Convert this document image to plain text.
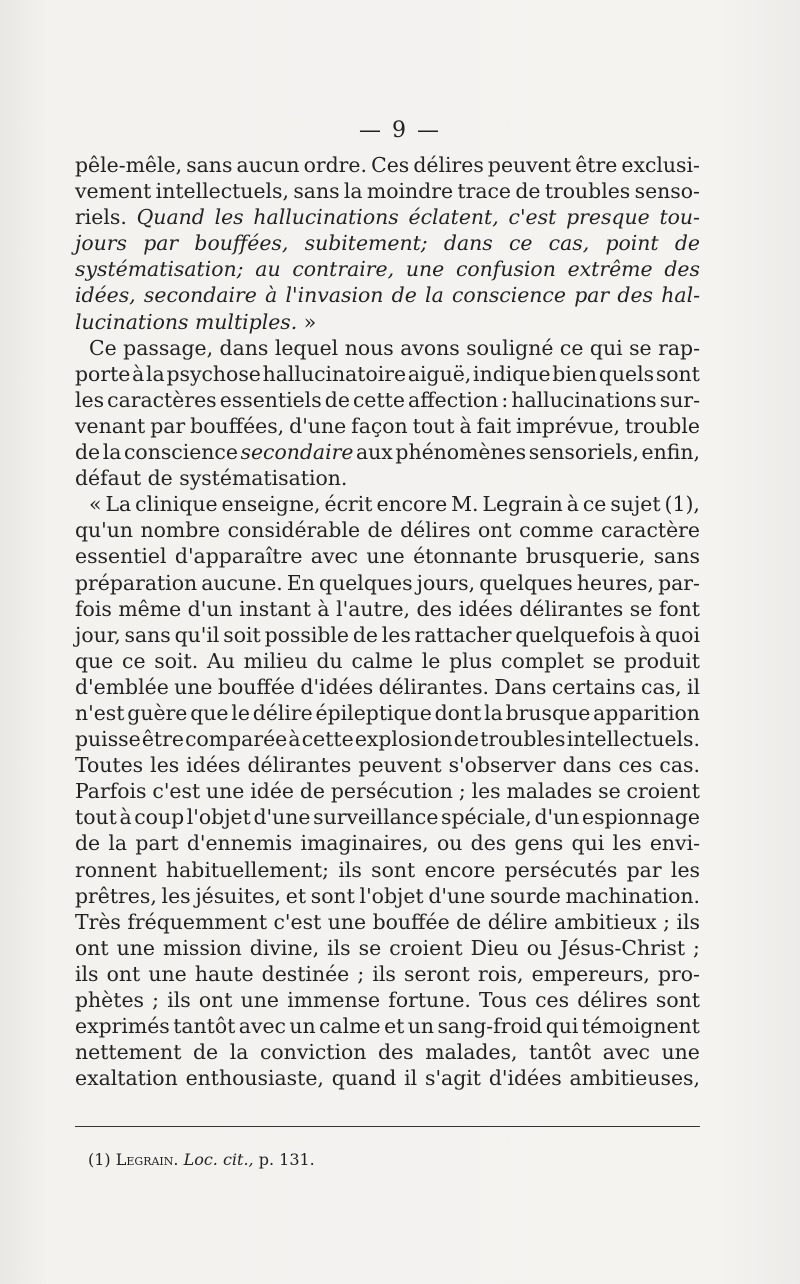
— 9 —
pêle-mêle, sans aucun ordre. Ces délires peuvent être exclusi-
vement intellectuels, sans la moindre trace de troubles senso-
riels. Quand les hallucinations éclatent, c'est presque tou-
jours par bouffées, subitement; dans ce cas, point de
systématisation; au contraire, une confusion extrême des
idées, secondaire à l'invasion de la conscience par des hal-
lucinations multiples. »
Ce passage, dans lequel nous avons souligné ce qui se rap-
porte à la psychose hallucinatoire aiguë, indique bien quels sont
les caractères essentiels de cette affection : hallucinations sur-
venant par bouffées, d'une façon tout à fait imprévue, trouble
de la conscience secondaire aux phénomènes sensoriels, enfin,
défaut de systématisation.
« La clinique enseigne, écrit encore M. Legrain à ce sujet (1),
qu'un nombre considérable de délires ont comme caractère
essentiel d'apparaître avec une étonnante brusquerie, sans
préparation aucune. En quelques jours, quelques heures, par-
fois même d'un instant à l'autre, des idées délirantes se font
jour, sans qu'il soit possible de les rattacher quelquefois à quoi
que ce soit. Au milieu du calme le plus complet se produit
d'emblée une bouffée d'idées délirantes. Dans certains cas, il
n'est guère que le délire épileptique dont la brusque apparition
puisse être comparée à cette explosion de troubles intellectuels.
Toutes les idées délirantes peuvent s'observer dans ces cas.
Parfois c'est une idée de persécution ; les malades se croient
tout à coup l'objet d'une surveillance spéciale, d'un espionnage
de la part d'ennemis imaginaires, ou des gens qui les envi-
ronnent habituellement; ils sont encore persécutés par les
prêtres, les jésuites, et sont l'objet d'une sourde machination.
Très fréquemment c'est une bouffée de délire ambitieux ; ils
ont une mission divine, ils se croient Dieu ou Jésus-Christ ;
ils ont une haute destinée ; ils seront rois, empereurs, pro-
phètes ; ils ont une immense fortune. Tous ces délires sont
exprimés tantôt avec un calme et un sang-froid qui témoignent
nettement de la conviction des malades, tantôt avec une
exaltation enthousiaste, quand il s'agit d'idées ambitieuses,
(1) Legrain. Loc. cit., p. 131.
